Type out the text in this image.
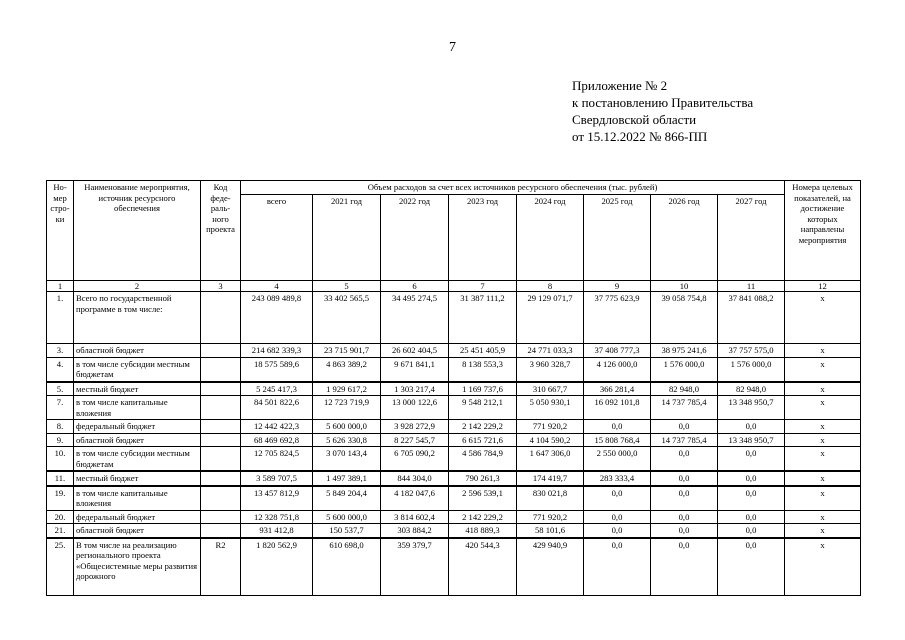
7
Приложение № 2
к постановлению Правительства
Свердловской области
от 15.12.2022 № 866-ПП
Но-мер стро-ки	Наименование мероприятия, источник ресурсного обеспечения	Код феде-раль-ного проекта	Объем расходов за счет всех источников ресурсного обеспечения (тыс. рублей)								Номера целевых показателей, на достижение которых направлены мероприятия
			всего	2021 год	2022 год	2023 год	2024 год	2025 год	2026 год	2027 год	
1	2	3	4	5	6	7	8	9	10	11	12
1.	Всего по государственной программе в том числе:		243 089 489,8	33 402 565,5	34 495 274,5	31 387 111,2	29 129 071,7	37 775 623,9	39 058 754,8	37 841 088,2	х
3.	областной бюджет		214 682 339,3	23 715 901,7	26 602 404,5	25 451 405,9	24 771 033,3	37 408 777,3	38 975 241,6	37 757 575,0	х
4.	в том числе субсидии местным бюджетам		18 575 589,6	4 863 389,2	9 671 841,1	8 138 553,3	3 960 328,7	4 126 000,0	1 576 000,0	1 576 000,0	х
5.	местный бюджет		5 245 417,3	1 929 617,2	1 303 217,4	1 169 737,6	310 667,7	366 281,4	82 948,0	82 948,0	х
7.	в том числе капитальные вложения		84 501 822,6	12 723 719,9	13 000 122,6	9 548 212,1	5 050 930,1	16 092 101,8	14 737 785,4	13 348 950,7	х
8.	федеральный бюджет		12 442 422,3	5 600 000,0	3 928 272,9	2 142 229,2	771 920,2	0,0	0,0	0,0	х
9.	областной бюджет		68 469 692,8	5 626 330,8	8 227 545,7	6 615 721,6	4 104 590,2	15 808 768,4	14 737 785,4	13 348 950,7	х
10.	в том числе субсидии местным бюджетам		12 705 824,5	3 070 143,4	6 705 090,2	4 586 784,9	1 647 306,0	2 550 000,0	0,0	0,0	х
11.	местный бюджет		3 589 707,5	1 497 389,1	844 304,0	790 261,3	174 419,7	283 333,4	0,0	0,0	х
19.	в том числе капитальные вложения		13 457 812,9	5 849 204,4	4 182 047,6	2 596 539,1	830 021,8	0,0	0,0	0,0	х
20.	федеральный бюджет		12 328 751,8	5 600 000,0	3 814 602,4	2 142 229,2	771 920,2	0,0	0,0	0,0	х
21.	областной бюджет		931 412,8	150 537,7	303 884,2	418 889,3	58 101,6	0,0	0,0	0,0	х
25.	В том числе на реализацию регионального проекта «Общесистемные меры развития дорожного	R2	1 820 562,9	610 698,0	359 379,7	420 544,3	429 940,9	0,0	0,0	0,0	х
